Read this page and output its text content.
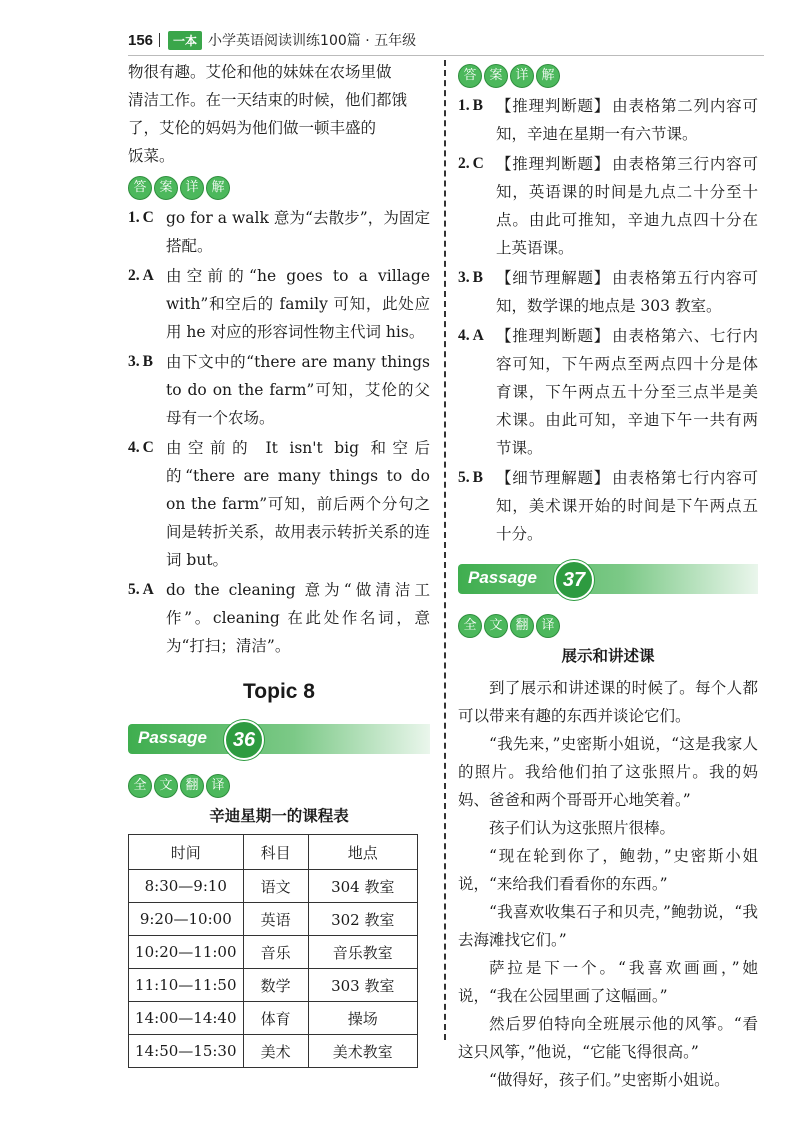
156	一本 小学英语阅读训练100篇 · 五年级

物很有趣。艾伦和他的妹妹在农场里做
清洁工作。在一天结束的时候，他们都饿
了，艾伦的妈妈为他们做一顿丰盛的
饭菜。

答 案 详 解
1. C go for a walk 意为“去散步”，为固定搭配。
2. A 由空前的“he goes to a village with”和空后的 family 可知，此处应用 he 对应的形容词性物主代词 his。
3. B 由下文中的“there are many things to do on the farm”可知，艾伦的父母有一个农场。
4. C 由空前的 It isn't big 和空后的“there are many things to do on the farm”可知，前后两个分句之间是转折关系，故用表示转折关系的连词 but。
5. A do the cleaning 意为“做清洁工作”。cleaning 在此处作名词，意为“打扫；清洁”。
Topic 8
Passage	36
全 文 翻 译
辛迪星期一的课程表
时间	科目	地点
8:30—9:10	语文	304 教室
9:20—10:00	英语	302 教室
10:20—11:00	音乐	音乐教室
11:10—11:50	数学	303 教室
14:00—14:40	体育	操场
14:50—15:30	美术	美术教室
答 案 详 解
1. B 【推理判断题】 由表格第二列内容可知，辛迪在星期一有六节课。
2. C 【推理判断题】 由表格第三行内容可知，英语课的时间是九点二十分至十点。由此可推知，辛迪九点四十分在上英语课。
3. B 【细节理解题】 由表格第五行内容可知，数学课的地点是 303 教室。
4. A 【推理判断题】 由表格第六、七行内容可知，下午两点至两点四十分是体育课，下午两点五十分至三点半是美术课。由此可知，辛迪下午一共有两节课。
5. B 【细节理解题】 由表格第七行内容可知，美术课开始的时间是下午两点五十分。
Passage	37
全 文 翻 译
展示和讲述课

到了展示和讲述课的时候了。每个人都可以带来有趣的东西并谈论它们。

“我先来，”史密斯小姐说，“这是我家人的照片。我给他们拍了这张照片。我的妈妈、爸爸和两个哥哥开心地笑着。”

孩子们认为这张照片很棒。

“现在轮到你了，鲍勃，”史密斯小姐说，“来给我们看看你的东西。”

“我喜欢收集石子和贝壳，”鲍勃说，“我去海滩找它们。”

萨拉是下一个。“我喜欢画画，”她说，“我在公园里画了这幅画。”

然后罗伯特向全班展示他的风筝。“看这只风筝，”他说，“它能飞得很高。”

“做得好，孩子们。”史密斯小姐说。
